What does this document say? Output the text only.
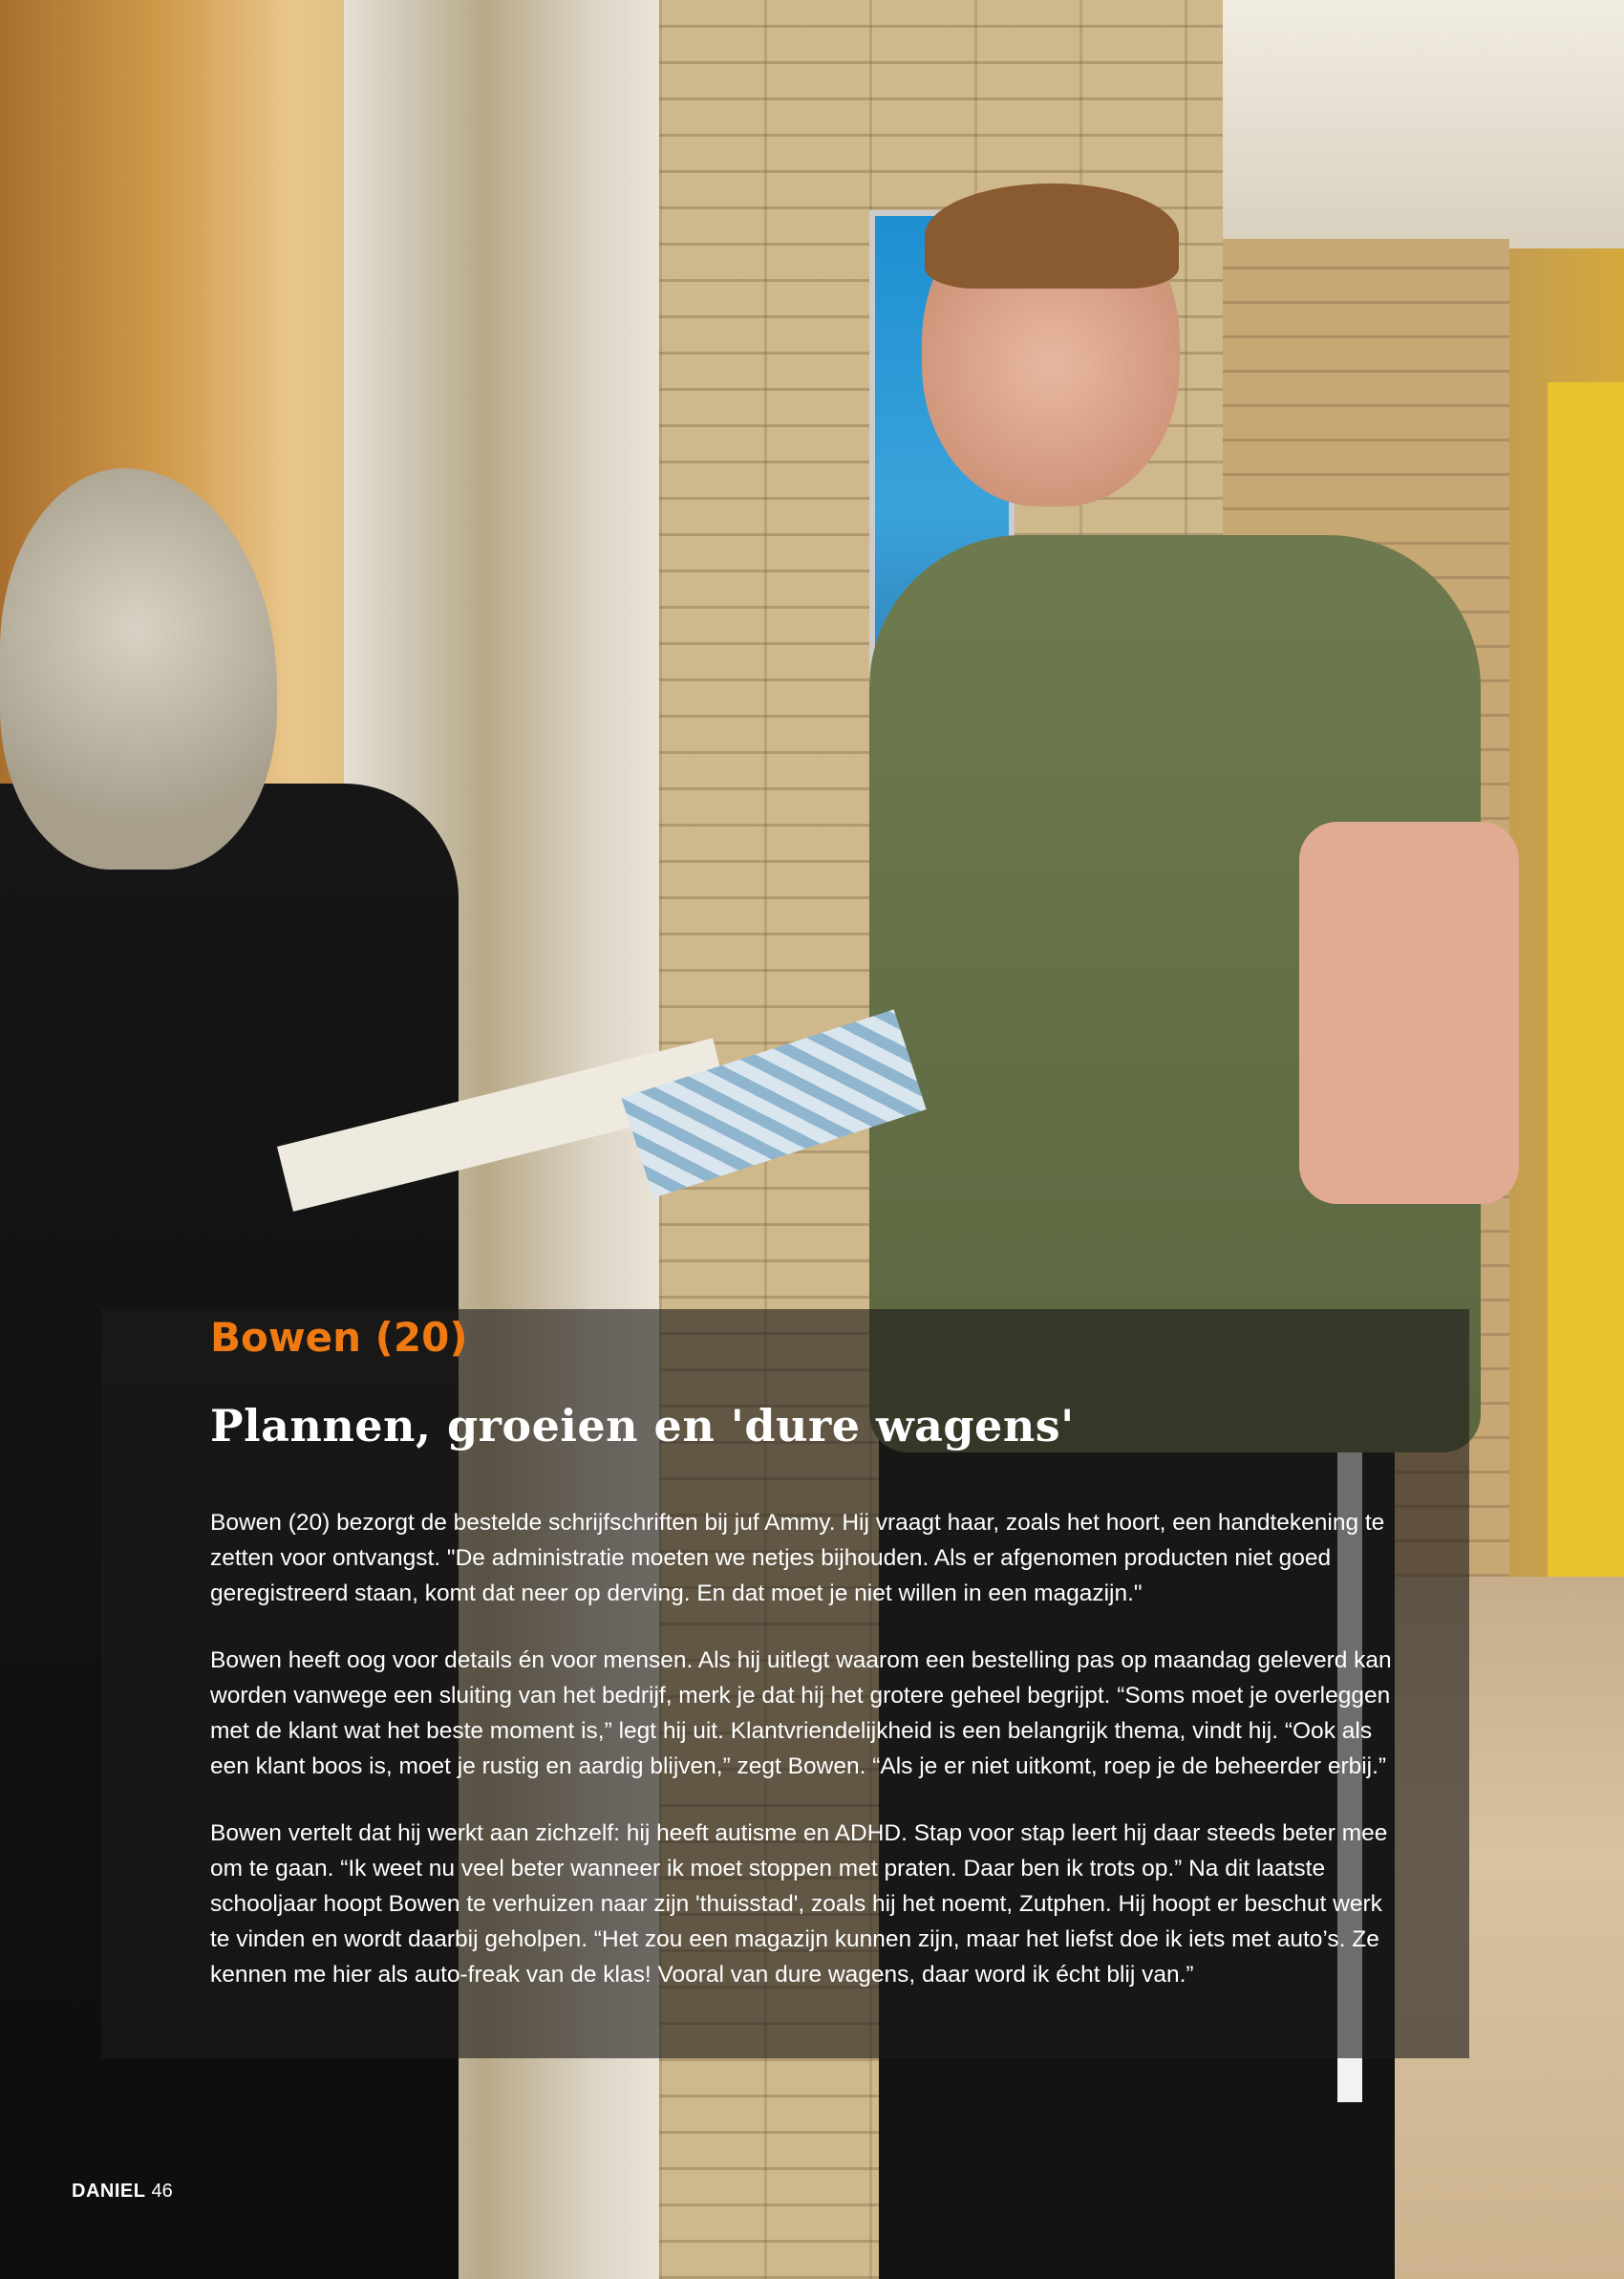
Bowen (20)
Plannen, groeien en 'dure wagens'

Bowen (20) bezorgt de bestelde schrijfschriften bij juf Ammy. Hij vraagt haar, zoals het hoort, een handtekening te zetten voor ontvangst. "De administratie moeten we netjes bijhouden. Als er afgenomen producten niet goed geregistreerd staan, komt dat neer op derving. En dat moet je niet willen in een magazijn."

Bowen heeft oog voor details én voor mensen. Als hij uitlegt waarom een bestelling pas op maandag geleverd kan worden vanwege een sluiting van het bedrijf, merk je dat hij het grotere geheel begrijpt. “Soms moet je overleggen met de klant wat het beste moment is,” legt hij uit. Klantvriendelijkheid is een belangrijk thema, vindt hij. “Ook als een klant boos is, moet je rustig en aardig blijven,” zegt Bowen. “Als je er niet uitkomt, roep je de beheerder erbij.”

Bowen vertelt dat hij werkt aan zichzelf: hij heeft autisme en ADHD. Stap voor stap leert hij daar steeds beter mee om te gaan. “Ik weet nu veel beter wanneer ik moet stoppen met praten. Daar ben ik trots op.” Na dit laatste schooljaar hoopt Bowen te verhuizen naar zijn 'thuisstad', zoals hij het noemt, Zutphen. Hij hoopt er beschut werk te vinden en wordt daarbij geholpen. “Het zou een magazijn kunnen zijn, maar het liefst doe ik iets met auto’s. Ze kennen me hier als auto-freak van de klas! Vooral van dure wagens, daar word ik écht blij van.”

DANIEL 46
